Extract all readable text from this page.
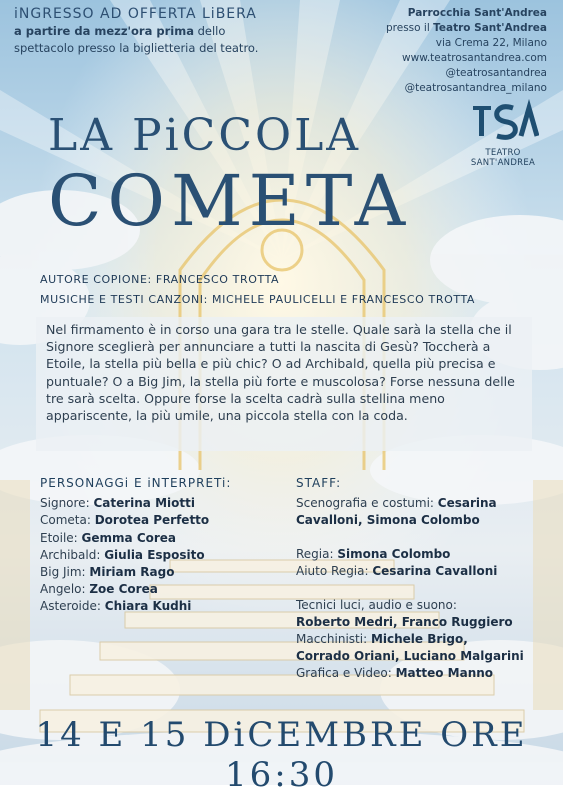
iNGRESSO AD OFFERTA LiBERA
a partire da mezz'ora prima dello
spettacolo presso la biglietteria del teatro.
Parrocchia Sant'Andrea
presso il Teatro Sant'Andrea
via Crema 22, Milano
www.teatrosantandrea.com
@teatrosantandrea
@teatrosantandrea_milano
TEATRO SANT'ANDREA
LA PiCCOLA
COMETA
AUTORE COPIONE: FRANCESCO TROTTA
MUSICHE E TESTI CANZONI: MICHELE PAULICELLI E FRANCESCO TROTTA
Nel firmamento è in corso una gara tra le stelle. Quale sarà la stella che il Signore sceglierà per annunciare a tutti la nascita di Gesù? Toccherà a Etoile, la stella più bella e più chic? O ad Archibald, quella più precisa e puntuale? O a Big Jim, la stella più forte e muscolosa? Forse nessuna delle tre sarà scelta. Oppure forse la scelta cadrà sulla stellina meno appariscente, la più umile, una piccola stella con la coda.
PERSONAGGi E iNTERPRETi:
Signore: Caterina Miotti
Cometa: Dorotea Perfetto
Etoile: Gemma Corea
Archibald: Giulia Esposito
Big Jim: Miriam Rago
Angelo: Zoe Corea
Asteroide: Chiara Kudhi
STAFF:
Scenografia e costumi: Cesarina
Cavalloni, Simona Colombo
Regia: Simona Colombo
Aiuto Regia: Cesarina Cavalloni
Tecnici luci, audio e suono:
Roberto Medri, Franco Ruggiero
Macchinisti: Michele Brigo,
Corrado Oriani, Luciano Malgarini
Grafica e Video: Matteo Manno
14 E 15 DiCEMBRE ORE 16:30
